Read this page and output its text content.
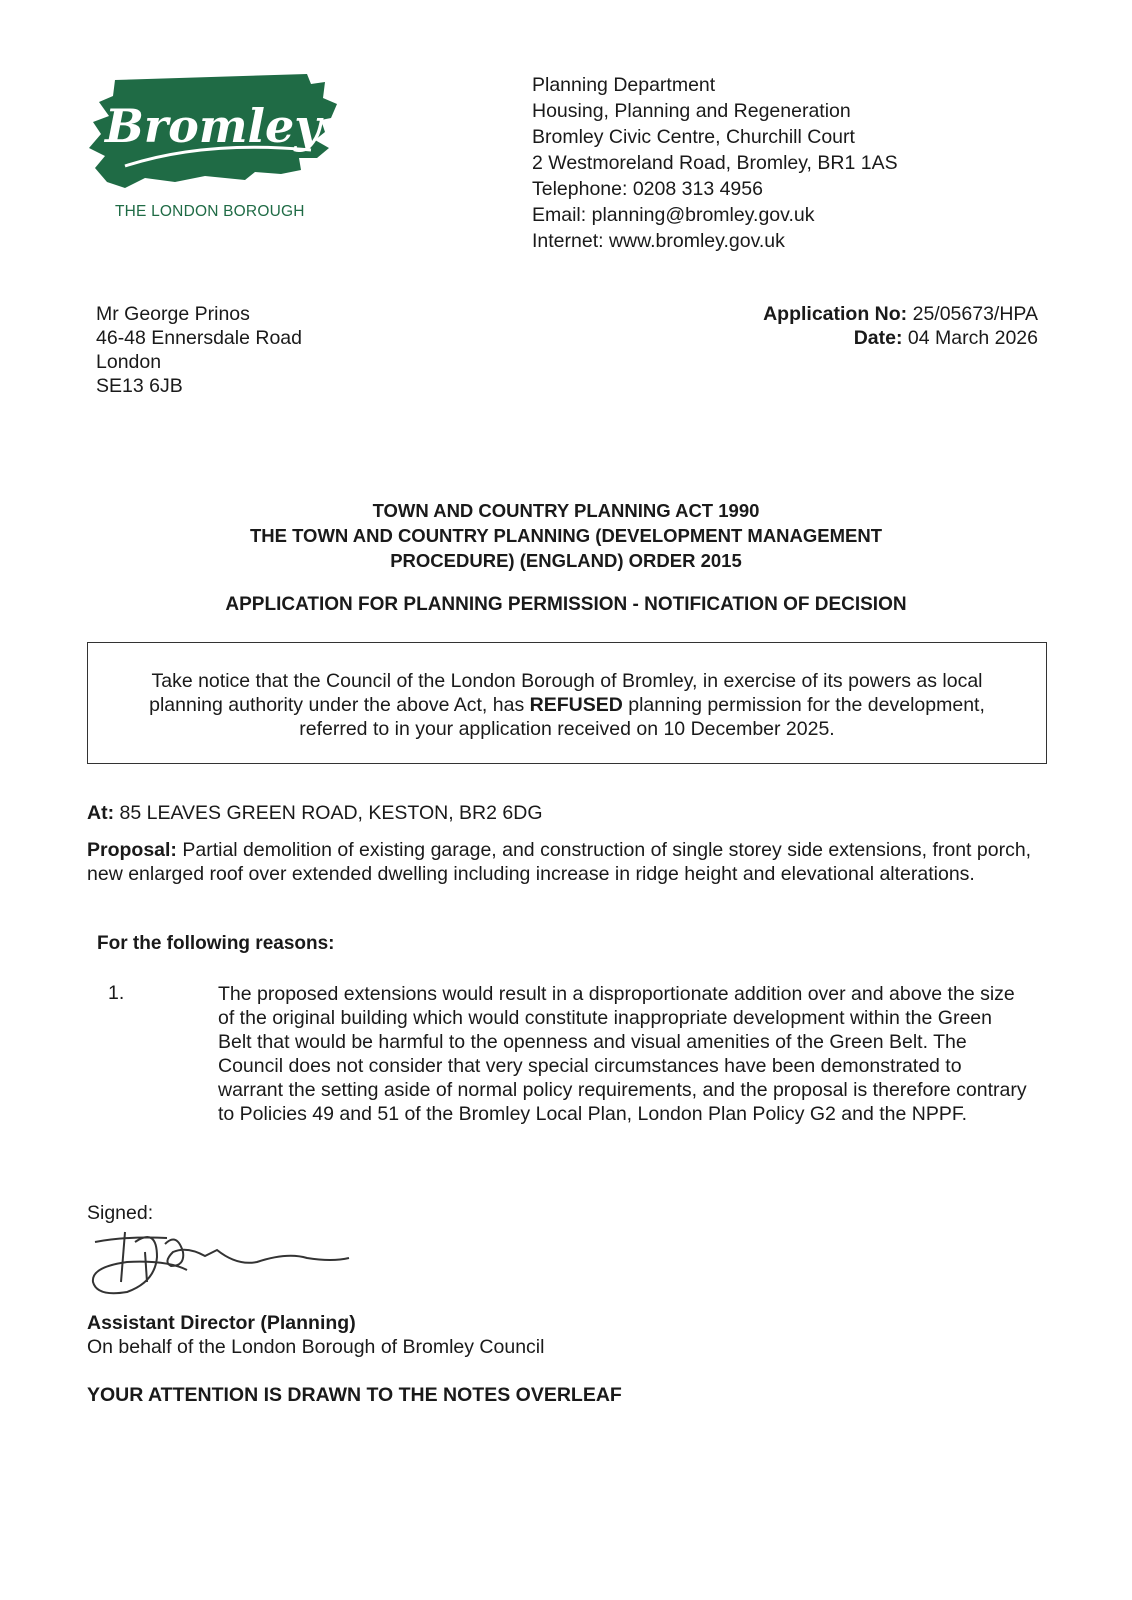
Bromley
THE LONDON BOROUGH
Planning Department
Housing, Planning and Regeneration
Bromley Civic Centre, Churchill Court
2 Westmoreland Road, Bromley, BR1 1AS
Telephone: 0208 313 4956
Email: planning@bromley.gov.uk
Internet: www.bromley.gov.uk
Mr George Prinos
46-48 Ennersdale Road
London
SE13 6JB
Application No: 25/05673/HPA
Date: 04 March 2026
TOWN AND COUNTRY PLANNING ACT 1990
THE TOWN AND COUNTRY PLANNING (DEVELOPMENT MANAGEMENT
PROCEDURE) (ENGLAND) ORDER 2015
APPLICATION FOR PLANNING PERMISSION - NOTIFICATION OF DECISION
Take notice that the Council of the London Borough of Bromley, in exercise of its powers as local
planning authority under the above Act, has REFUSED planning permission for the development,
referred to in your application received on 10 December 2025.
At: 85 LEAVES GREEN ROAD, KESTON, BR2 6DG
Proposal: Partial demolition of existing garage, and construction of single storey side extensions, front porch, new enlarged roof over extended dwelling including increase in ridge height and elevational alterations.
For the following reasons:
1.	The proposed extensions would result in a disproportionate addition over and above the size of the original building which would constitute inappropriate development within the Green Belt that would be harmful to the openness and visual amenities of the Green Belt. The Council does not consider that very special circumstances have been demonstrated to warrant the setting aside of normal policy requirements, and the proposal is therefore contrary to Policies 49 and 51 of the Bromley Local Plan, London Plan Policy G2 and the NPPF.
Signed:
Assistant Director (Planning)
On behalf of the London Borough of Bromley Council
YOUR ATTENTION IS DRAWN TO THE NOTES OVERLEAF
